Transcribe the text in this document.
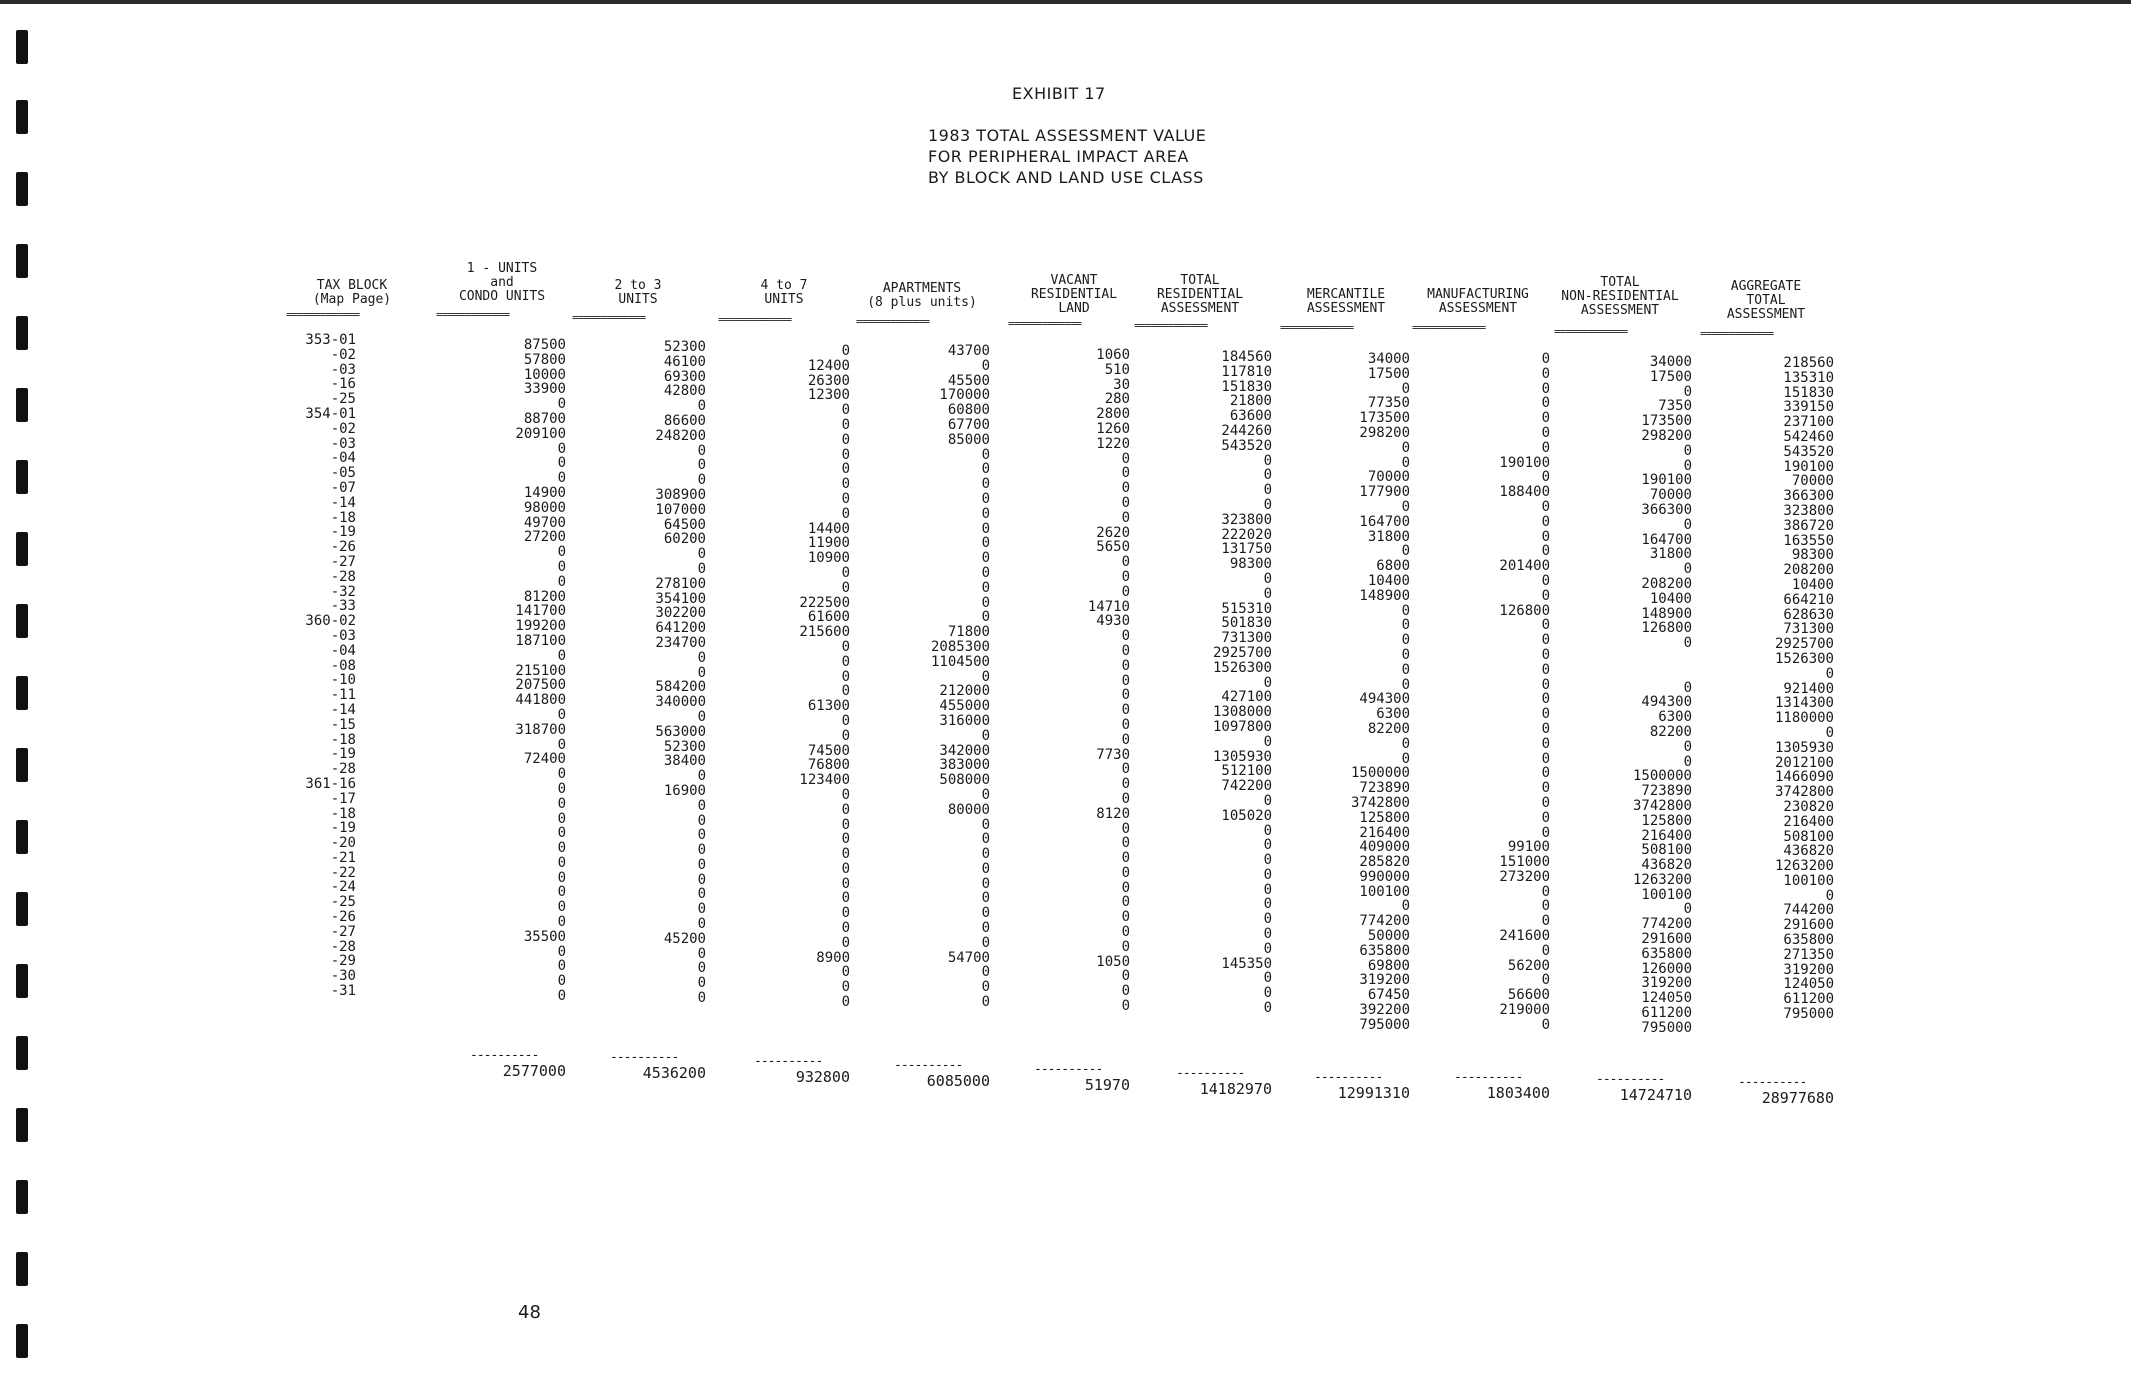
EXHIBIT 17
1983 TOTAL ASSESSMENT VALUE
FOR PERIPHERAL IMPACT AREA
BY BLOCK AND LAND USE CLASS
TAX BLOCK
(Map Page)
=============
353-01
-02
-03
-16
-25
354-01
-02
-03
-04
-05
-07
-14
-18
-19
-26
-27
-28
-32
-33
360-02
-03
-04
-08
-10
-11
-14
-15
-18
-19
-28
361-16
-17
-18
-19
-20
-21
-22
-24
-25
-26
-27
-28
-29
-30
-31
1 - UNITS
and
CONDO UNITS
=============
87500
57800
10000
33900
0
88700
209100
0
0
0
14900
98000
49700
27200
0
0
0
81200
141700
199200
187100
0
215100
207500
441800
0
318700
0
72400
0
0
0
0
0
0
0
0
0
0
0
35500
0
0
0
0
----------
2577000
2 to 3
UNITS
=============
52300
46100
69300
42800
0
86600
248200
0
0
0
308900
107000
64500
60200
0
0
278100
354100
302200
641200
234700
0
0
584200
340000
0
563000
52300
38400
0
16900
0
0
0
0
0
0
0
0
0
45200
0
0
0
0
----------
4536200
4 to 7
UNITS
=============
0
12400
26300
12300
0
0
0
0
0
0
0
0
14400
11900
10900
0
0
222500
61600
215600
0
0
0
0
61300
0
0
74500
76800
123400
0
0
0
0
0
0
0
0
0
0
0
8900
0
0
0
----------
932800
APARTMENTS
(8 plus units)
=============
43700
0
45500
170000
60800
67700
85000
0
0
0
0
0
0
0
0
0
0
0
0
71800
2085300
1104500
0
212000
455000
316000
0
342000
383000
508000
0
80000
0
0
0
0
0
0
0
0
0
54700
0
0
0
----------
6085000
VACANT
RESIDENTIAL
LAND
=============
1060
510
30
280
2800
1260
1220
0
0
0
0
0
2620
5650
0
0
0
14710
4930
0
0
0
0
0
0
0
0
7730
0
0
0
8120
0
0
0
0
0
0
0
0
0
1050
0
0
0
----------
51970
TOTAL
RESIDENTIAL
ASSESSMENT
=============
184560
117810
151830
21800
63600
244260
543520
0
0
0
0
323800
222020
131750
98300
0
0
515310
501830
731300
2925700
1526300
0
427100
1308000
1097800
0
1305930
512100
742200
0
105020
0
0
0
0
0
0
0
0
0
145350
0
0
0
----------
14182970
MERCANTILE
ASSESSMENT
=============
34000
17500
0
77350
173500
298200
0
0
70000
177900
0
164700
31800
0
6800
10400
148900
0
0
0
0
0
0
494300
6300
82200
0
0
1500000
723890
3742800
125800
216400
409000
285820
990000
100100
0
774200
50000
635800
69800
319200
67450
392200
795000
----------
12991310
MANUFACTURING
ASSESSMENT
=============
0
0
0
0
0
0
0
190100
0
188400
0
0
0
0
201400
0
0
126800
0
0
0
0
0
0
0
0
0
0
0
0
0
0
0
99100
151000
273200
0
0
0
241600
0
56200
0
56600
219000
0
----------
1803400
TOTAL
NON-RESIDENTIAL
ASSESSMENT
=============
34000
17500
0
7350
173500
298200
0
0
190100
70000
366300
0
164700
31800
0
208200
10400
148900
126800
0
0
494300
6300
82200
0
0
1500000
723890
3742800
125800
216400
508100
436820
1263200
100100
0
774200
291600
635800
126000
319200
124050
611200
795000
----------
14724710
AGGREGATE
TOTAL
ASSESSMENT
=============
218560
135310
151830
339150
237100
542460
543520
190100
70000
366300
323800
386720
163550
98300
208200
10400
664210
628630
731300
2925700
1526300
0
921400
1314300
1180000
0
1305930
2012100
1466090
3742800
230820
216400
508100
436820
1263200
100100
0
744200
291600
635800
271350
319200
124050
611200
795000
----------
28977680
48
